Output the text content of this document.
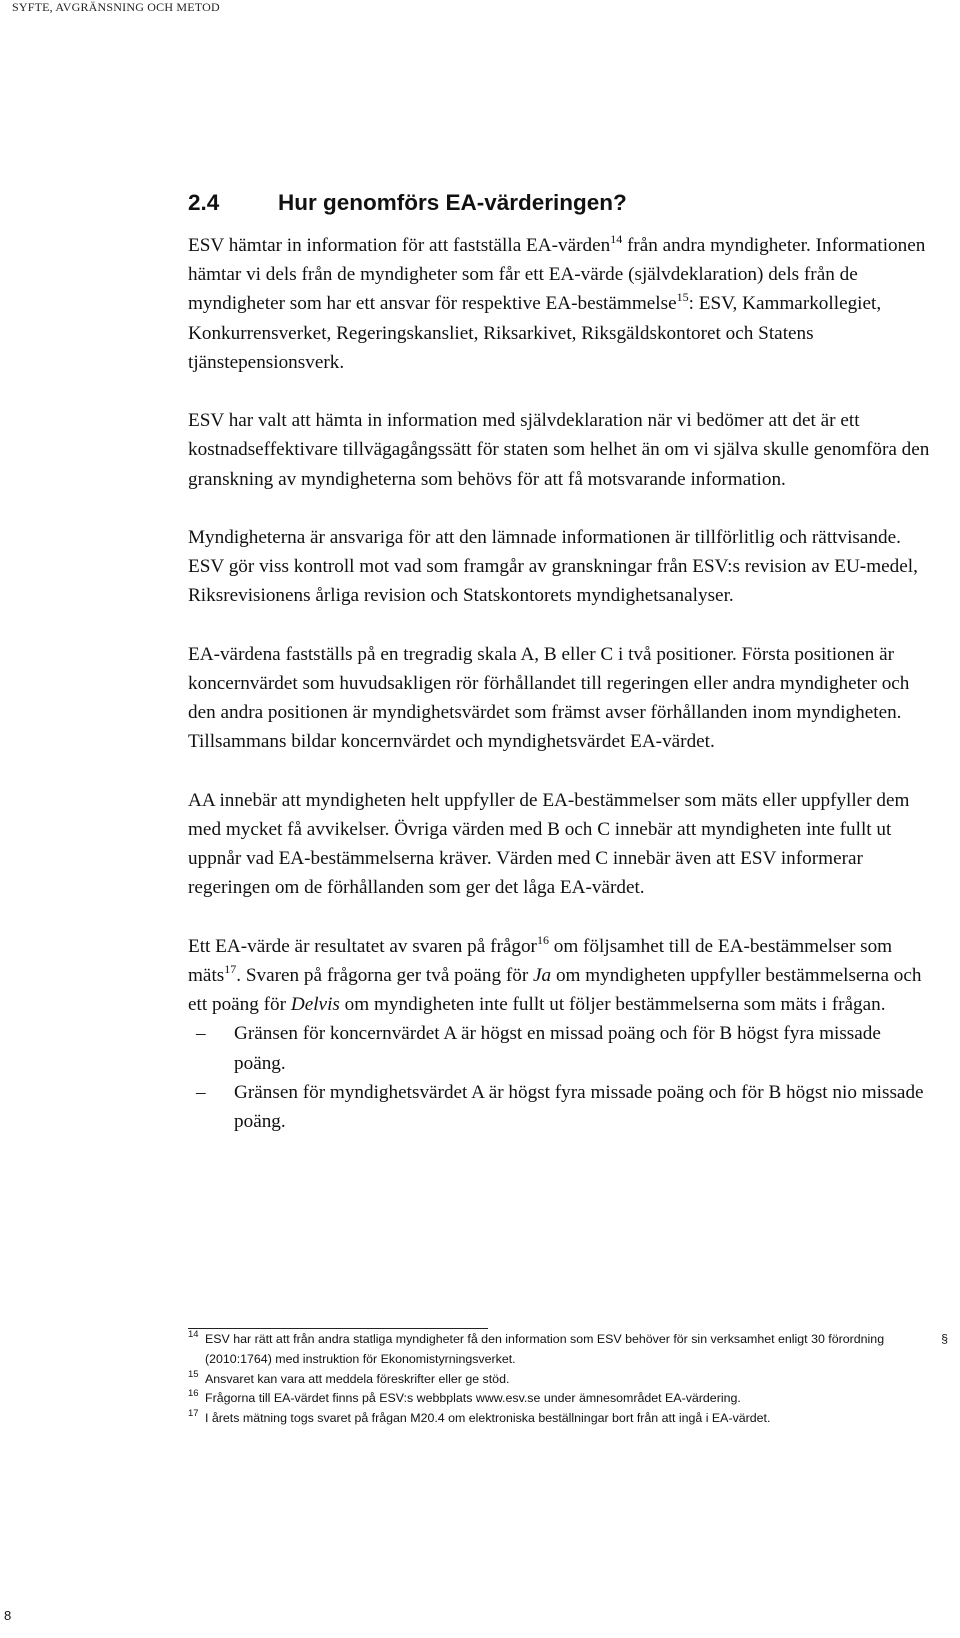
SYFTE, AVGRÄNSNING OCH METOD
2.4	Hur genomförs EA-värderingen?

ESV hämtar in information för att fastställa EA-värden$^{14}$ från andra myndigheter. Informationen hämtar vi dels från de myndigheter som får ett EA-värde (självdeklaration) dels från de myndigheter som har ett ansvar för respektive EA-bestämmelse$^{15}$: ESV, Kammarkollegiet, Konkurrensverket, Regeringskansliet, Riksarkivet, Riksgäldskontoret och Statens tjänstepensionsverk.

ESV har valt att hämta in information med självdeklaration när vi bedömer att det är ett kostnadseffektivare tillvägagångssätt för staten som helhet än om vi själva skulle genomföra den granskning av myndigheterna som behövs för att få motsvarande information.

Myndigheterna är ansvariga för att den lämnade informationen är tillförlitlig och rättvisande. ESV gör viss kontroll mot vad som framgår av granskningar från ESV:s revision av EU-medel, Riksrevisionens årliga revision och Statskontorets myndighetsanalyser.

EA-värdena fastställs på en tregradig skala A, B eller C i två positioner. Första positionen är koncernvärdet som huvudsakligen rör förhållandet till regeringen eller andra myndigheter och den andra positionen är myndighetsvärdet som främst avser förhållanden inom myndigheten. Tillsammans bildar koncernvärdet och myndighetsvärdet EA-värdet.

AA innebär att myndigheten helt uppfyller de EA-bestämmelser som mäts eller uppfyller dem med mycket få avvikelser. Övriga värden med B och C innebär att myndigheten inte fullt ut uppnår vad EA-bestämmelserna kräver. Värden med C innebär även att ESV informerar regeringen om de förhållanden som ger det låga EA-värdet.

Ett EA-värde är resultatet av svaren på frågor$^{16}$ om följsamhet till de EA-bestämmelser som mäts$^{17}$. Svaren på frågorna ger två poäng för Ja om myndigheten uppfyller bestämmelserna och ett poäng för Delvis om myndigheten inte fullt ut följer bestämmelserna som mäts i frågan.

– Gränsen för koncernvärdet A är högst en missad poäng och för B högst fyra missade poäng.
– Gränsen för myndighetsvärdet A är högst fyra missade poäng och för B högst nio missade poäng.
14 ESV har rätt att från andra statliga myndigheter få den information som ESV behöver för sin verksamhet enligt 30 förordning (2010:1764) med instruktion för Ekonomistyrningsverket.
§
15 Ansvaret kan vara att meddela föreskrifter eller ge stöd.
16 Frågorna till EA-värdet finns på ESV:s webbplats www.esv.se under ämnesområdet EA-värdering.
17 I årets mätning togs svaret på frågan M20.4 om elektroniska beställningar bort från att ingå i EA-värdet.
8
